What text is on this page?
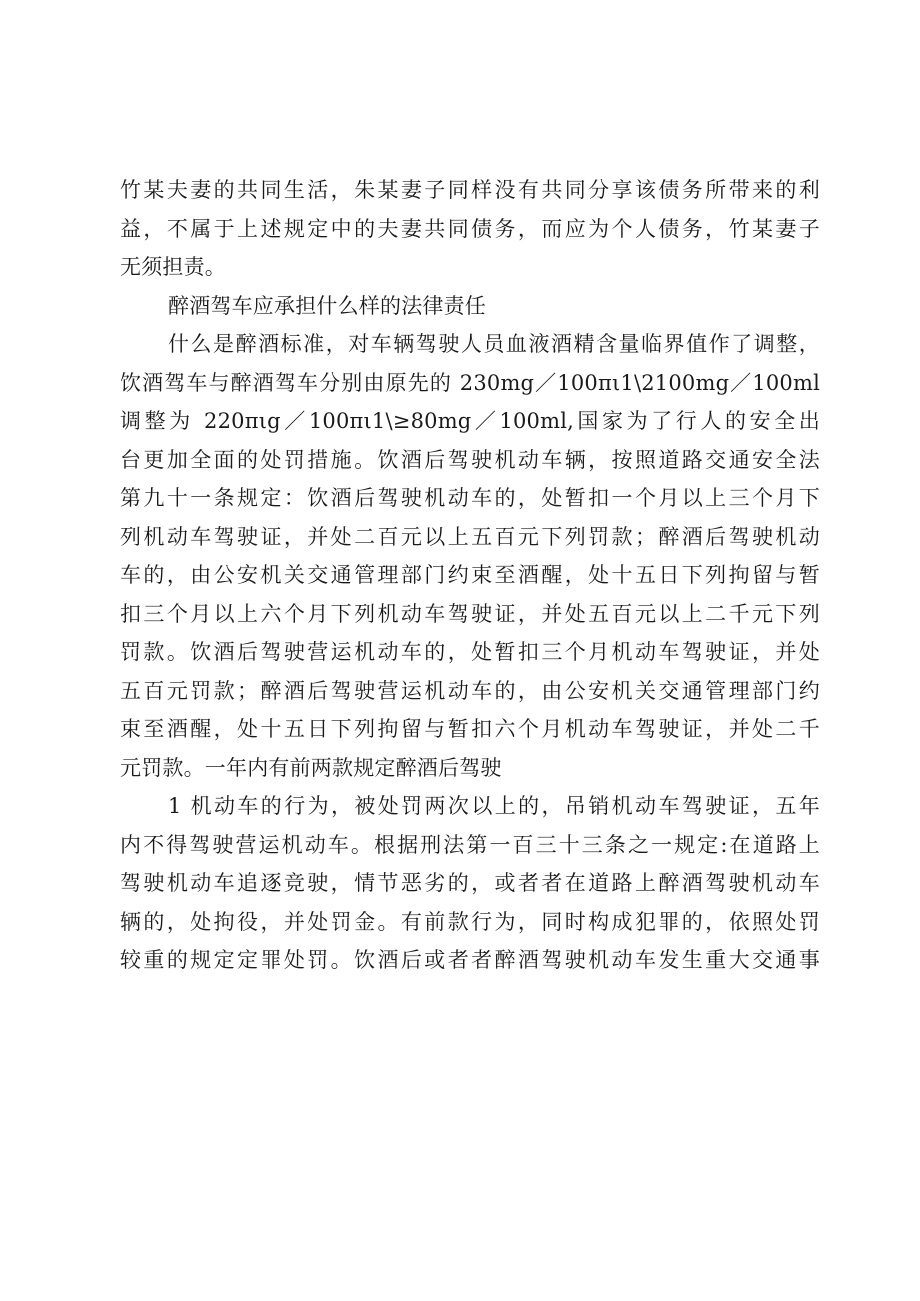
竹某夫妻的共同生活，朱某妻子同样没有共同分享该债务所带来的利
益，不属于上述规定中的夫妻共同债务，而应为个人债务，竹某妻子
无须担责。
醉酒驾车应承担什么样的法律责任
什么是醉酒标准，对车辆驾驶人员血液酒精含量临界值作了调整，
饮酒驾车与醉酒驾车分别由原先的 230mg／100πι1\2100mg／100ml
调整为 220πιg／100πι1\≥80mg／100ml,国家为了行人的安全出
台更加全面的处罚措施。饮酒后驾驶机动车辆，按照道路交通安全法
第九十一条规定：饮酒后驾驶机动车的，处暂扣一个月以上三个月下
列机动车驾驶证，并处二百元以上五百元下列罚款；醉酒后驾驶机动
车的，由公安机关交通管理部门约束至酒醒，处十五日下列拘留与暂
扣三个月以上六个月下列机动车驾驶证，并处五百元以上二千元下列
罚款。饮酒后驾驶营运机动车的，处暂扣三个月机动车驾驶证，并处
五百元罚款；醉酒后驾驶营运机动车的，由公安机关交通管理部门约
束至酒醒，处十五日下列拘留与暂扣六个月机动车驾驶证，并处二千
元罚款。一年内有前两款规定醉酒后驾驶
1 机动车的行为，被处罚两次以上的，吊销机动车驾驶证，五年
内不得驾驶营运机动车。根据刑法第一百三十三条之一规定:在道路上
驾驶机动车追逐竞驶，情节恶劣的，或者者在道路上醉酒驾驶机动车
辆的，处拘役，并处罚金。有前款行为，同时构成犯罪的，依照处罚
较重的规定定罪处罚。饮酒后或者者醉酒驾驶机动车发生重大交通事
